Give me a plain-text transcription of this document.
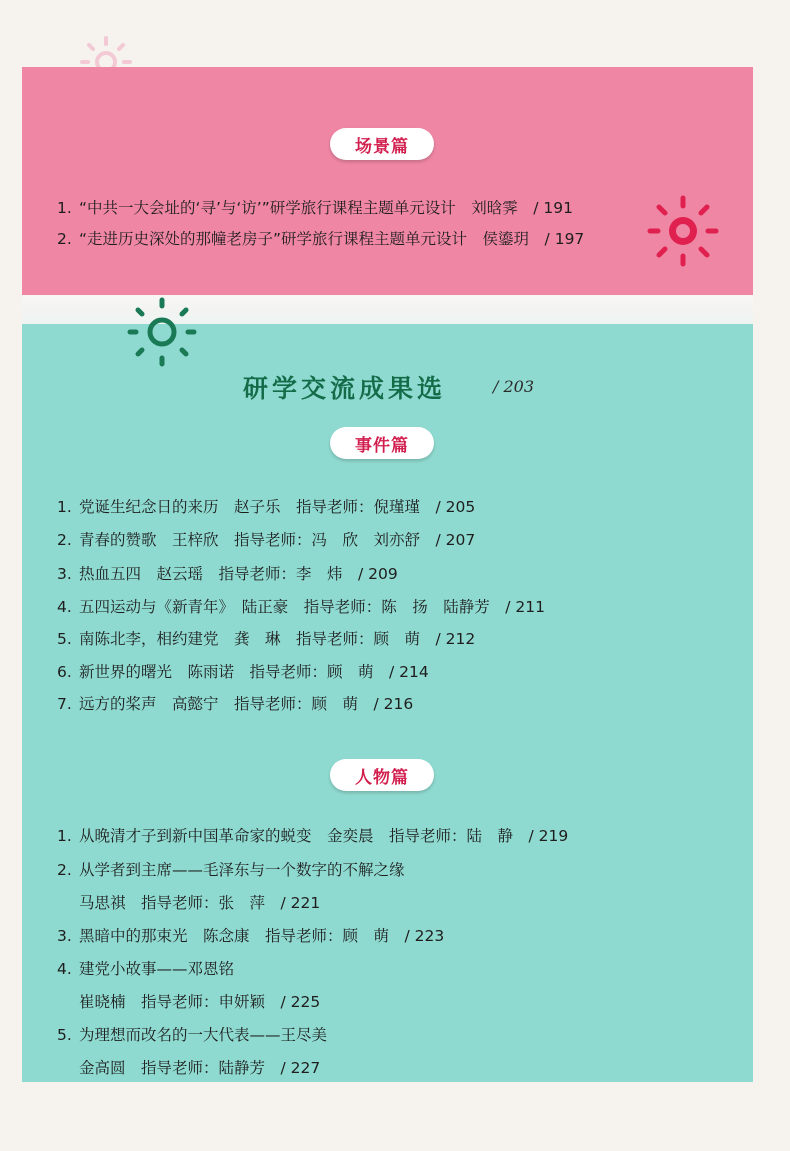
场景篇
1. “中共一大会址的‘寻’与‘访’”研学旅行课程主题单元设计　刘晗霁　/ 191
2. “走进历史深处的那幢老房子”研学旅行课程主题单元设计　侯鎏玥　/ 197
研学交流成果选	/ 203
事件篇
1. 党诞生纪念日的来历　赵子乐　指导老师：倪瑾瑾　/ 205
2. 青春的赞歌　王梓欣　指导老师：冯　欣　刘亦舒　/ 207
3. 热血五四　赵云瑶　指导老师：李　炜　/ 209
4. 五四运动与《新青年》　陆正豪　指导老师：陈　扬　陆静芳　/ 211
5. 南陈北李，相约建党　龚　琳　指导老师：顾　萌　/ 212
6. 新世界的曙光　陈雨诺　指导老师：顾　萌　/ 214
7. 远方的桨声　高懿宁　指导老师：顾　萌　/ 216
人物篇
1. 从晚清才子到新中国革命家的蜕变　金奕晨　指导老师：陆　静　/ 219
2. 从学者到主席——毛泽东与一个数字的不解之缘
马思祺　指导老师：张　萍　/ 221
3. 黑暗中的那束光　陈念康　指导老师：顾　萌　/ 223
4. 建党小故事——邓恩铭
崔晓楠　指导老师：申妍颖　/ 225
5. 为理想而改名的一大代表——王尽美
金高圆　指导老师：陆静芳　/ 227
